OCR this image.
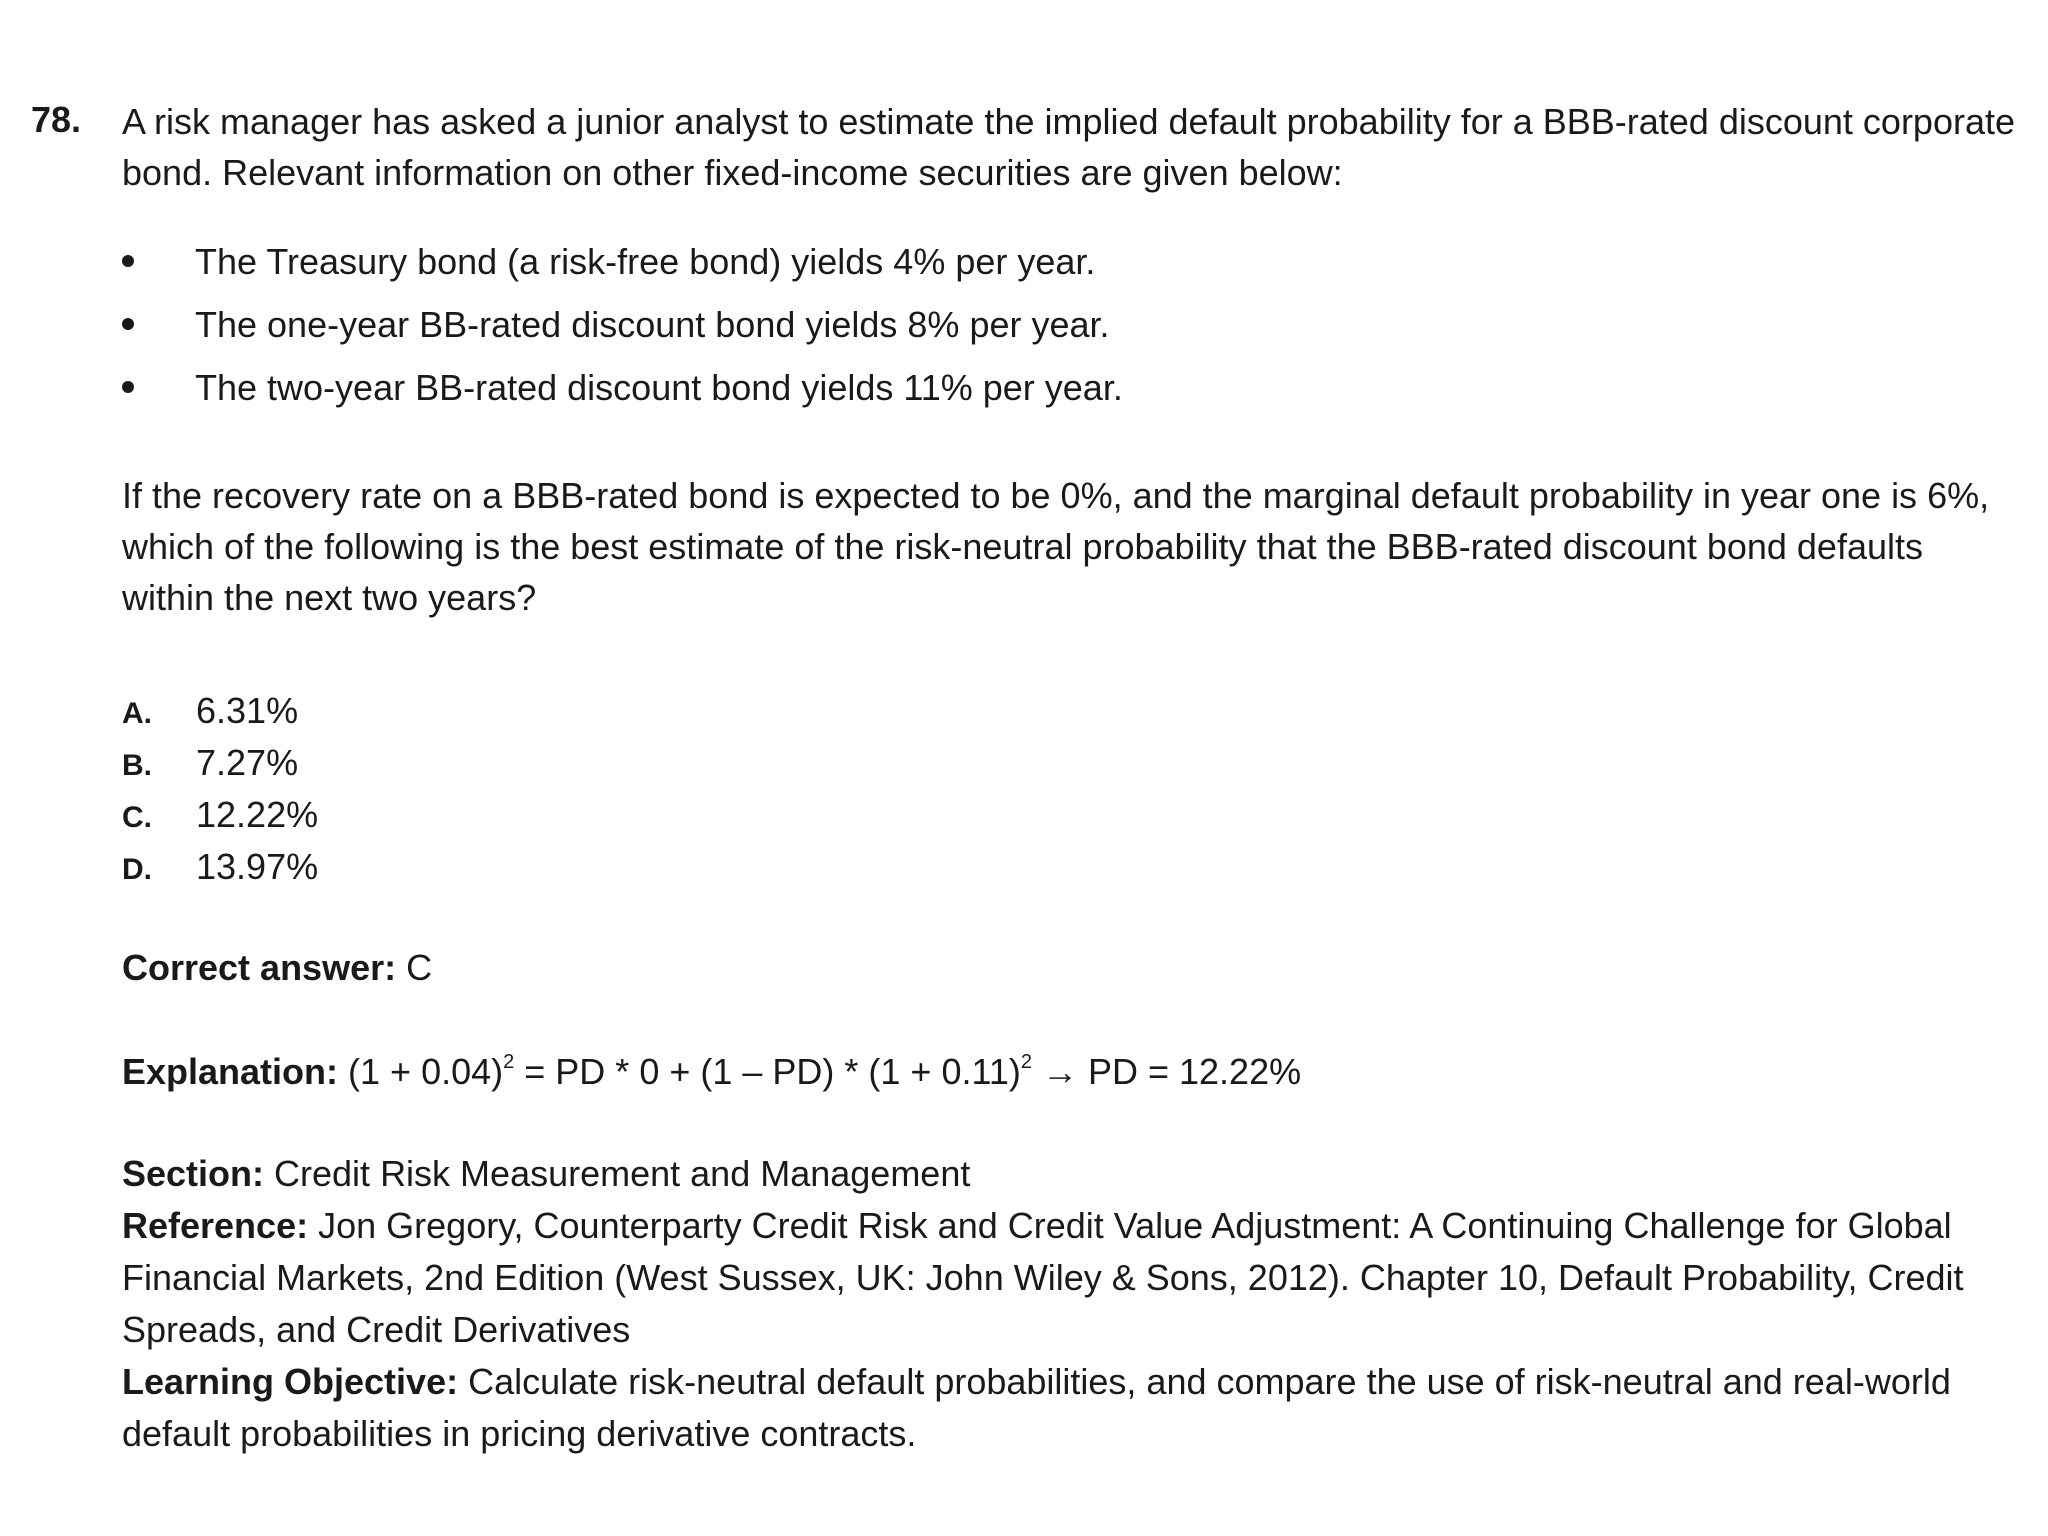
78. A risk manager has asked a junior analyst to estimate the implied default probability for a BBB-rated discount corporate bond. Relevant information on other fixed-income securities are given below:
The Treasury bond (a risk-free bond) yields 4% per year.
The one-year BB-rated discount bond yields 8% per year.
The two-year BB-rated discount bond yields 11% per year.
If the recovery rate on a BBB-rated bond is expected to be 0%, and the marginal default probability in year one is 6%, which of the following is the best estimate of the risk-neutral probability that the BBB-rated discount bond defaults within the next two years?
A.	6.31%
B.	7.27%
C.	12.22%
D.	13.97%
Correct answer: C
Explanation: $(1 + 0.04)^2$ = PD * $0 + (1 - PD) * (1 + 0.11)^2$ → PD = 12.22%
Section: Credit Risk Measurement and Management
Reference: Jon Gregory, Counterparty Credit Risk and Credit Value Adjustment: A Continuing Challenge for Global Financial Markets, 2nd Edition (West Sussex, UK: John Wiley & Sons, 2012). Chapter 10, Default Probability, Credit Spreads, and Credit Derivatives
Learning Objective: Calculate risk-neutral default probabilities, and compare the use of risk-neutral and real-world default probabilities in pricing derivative contracts.
